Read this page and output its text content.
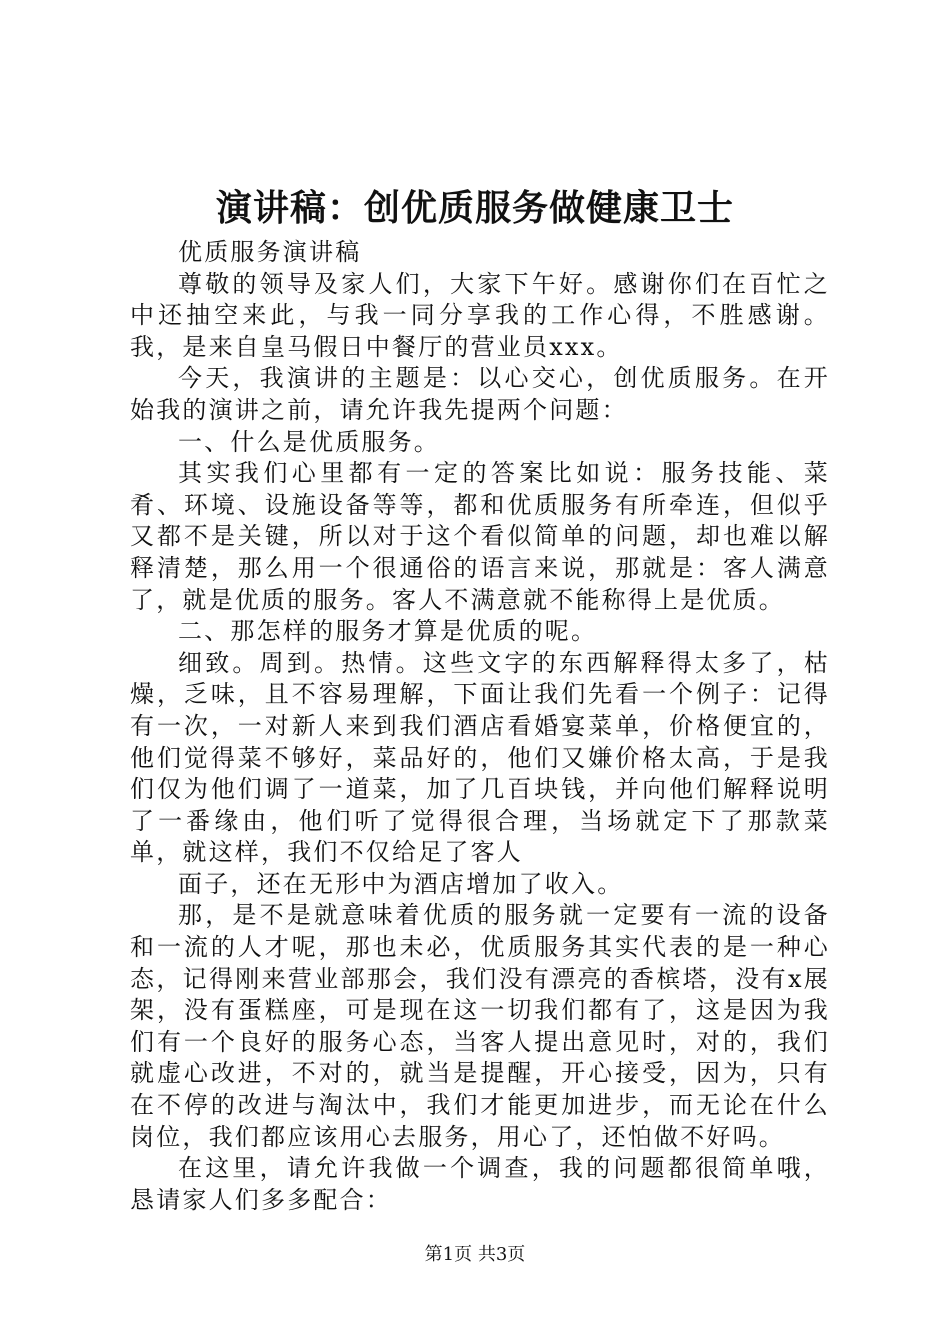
演讲稿：创优质服务做健康卫士

优质服务演讲稿

尊敬的领导及家人们，大家下午好。感谢你们在百忙之中还抽空来此，与我一同分享我的工作心得，不胜感谢。我，是来自皇马假日中餐厅的营业员xxx。

今天，我演讲的主题是：以心交心，创优质服务。在开始我的演讲之前，请允许我先提两个问题：

一、什么是优质服务。

其实我们心里都有一定的答案比如说：服务技能、菜肴、环境、设施设备等等，都和优质服务有所牵连，但似乎又都不是关键，所以对于这个看似简单的问题，却也难以解释清楚，那么用一个很通俗的语言来说，那就是：客人满意了，就是优质的服务。客人不满意就不能称得上是优质。

二、那怎样的服务才算是优质的呢。

细致。周到。热情。这些文字的东西解释得太多了，枯燥，乏味，且不容易理解，下面让我们先看一个例子：记得有一次，一对新人来到我们酒店看婚宴菜单，价格便宜的，他们觉得菜不够好，菜品好的，他们又嫌价格太高，于是我们仅为他们调了一道菜，加了几百块钱，并向他们解释说明了一番缘由，他们听了觉得很合理，当场就定下了那款菜单，就这样，我们不仅给足了客人

面子，还在无形中为酒店增加了收入。

那，是不是就意味着优质的服务就一定要有一流的设备和一流的人才呢，那也未必，优质服务其实代表的是一种心态，记得刚来营业部那会，我们没有漂亮的香槟塔，没有x展架，没有蛋糕座，可是现在这一切我们都有了，这是因为我们有一个良好的服务心态，当客人提出意见时，对的，我们就虚心改进，不对的，就当是提醒，开心接受，因为，只有在不停的改进与淘汰中，我们才能更加进步，而无论在什么岗位，我们都应该用心去服务，用心了，还怕做不好吗。

在这里，请允许我做一个调查，我的问题都很简单哦，恳请家人们多多配合：

第1页 共3页
